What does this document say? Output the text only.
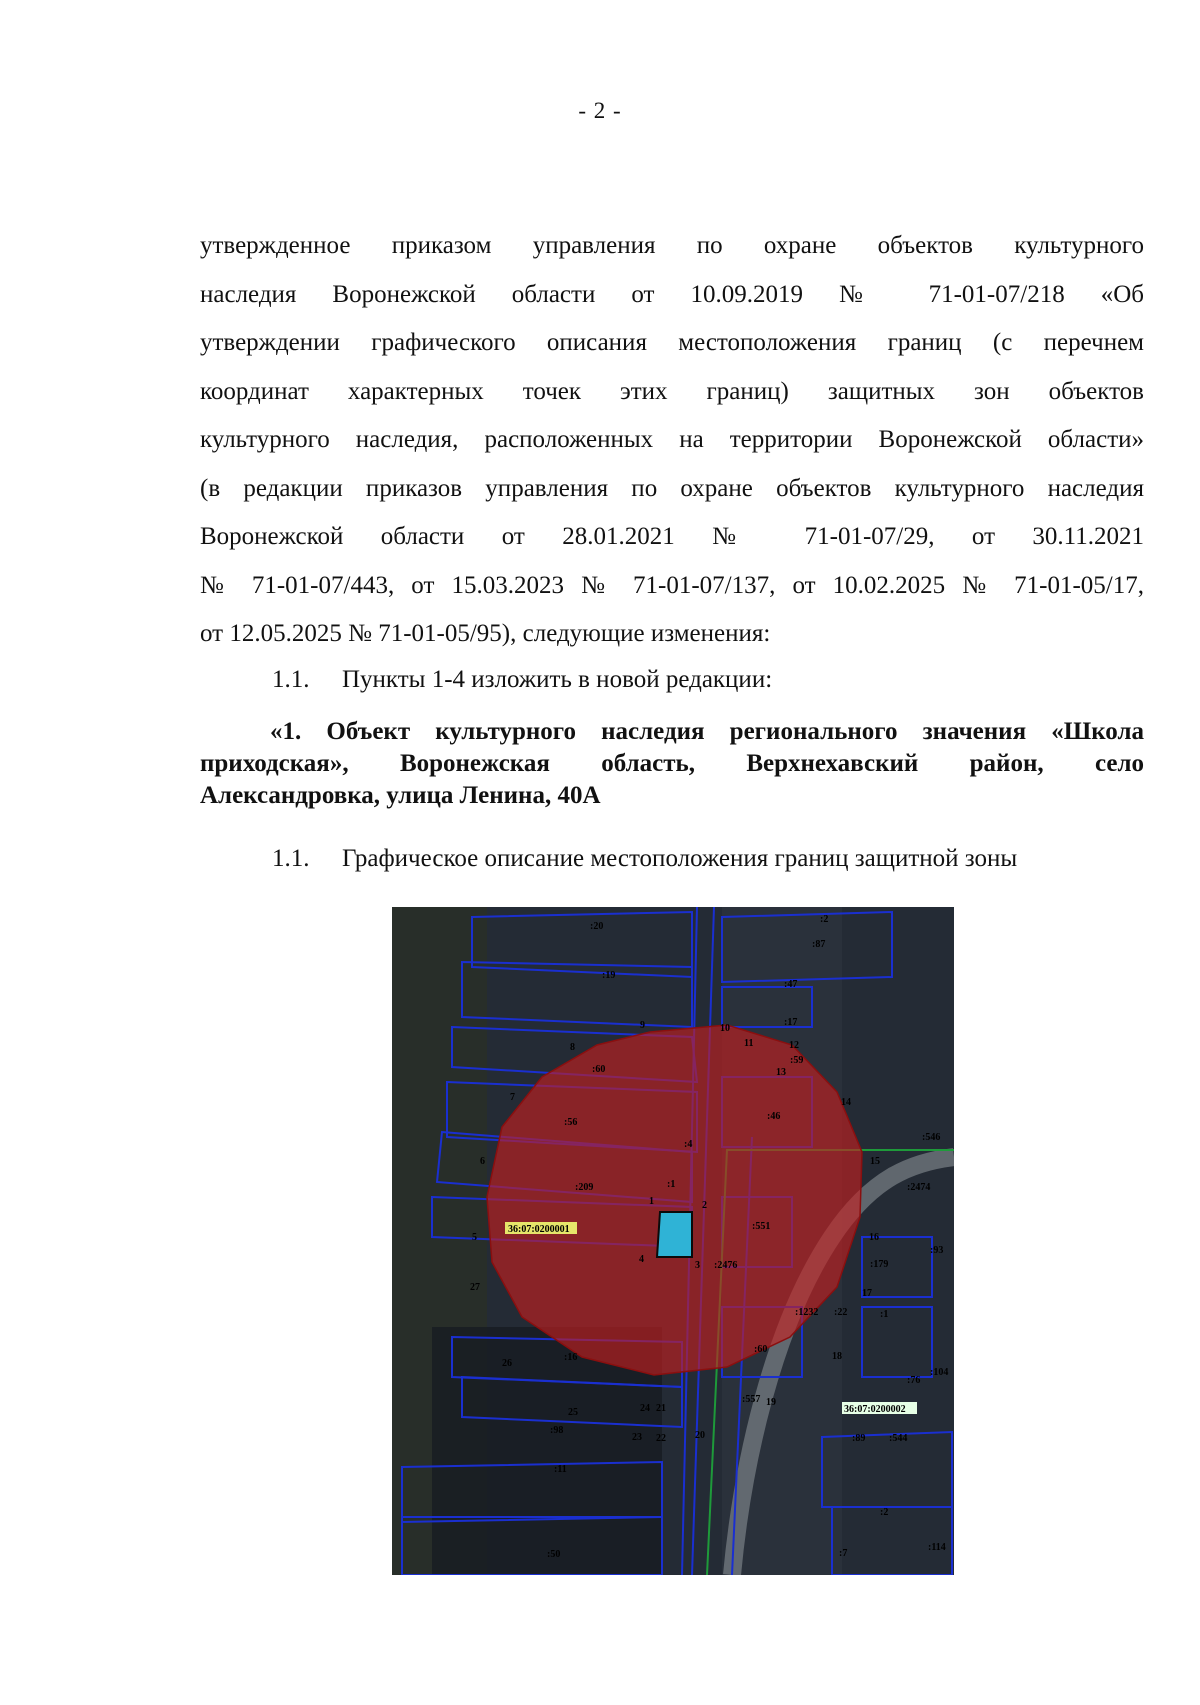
- 2 -
утвержденное приказом управления по охране объектов культурного
наследия Воронежской области от 10.09.2019 № 71-01-07/218 «Об
утверждении графического описания местоположения границ (с перечнем
координат характерных точек этих границ) защитных зон объектов
культурного наследия, расположенных на территории Воронежской области»
(в редакции приказов управления по охране объектов культурного наследия
Воронежской области от 28.01.2021 № 71-01-07/29, от 30.11.2021
№ 71-01-07/443, от 15.03.2023 № 71-01-07/137, от 10.02.2025 № 71-01-05/17,
от 12.05.2025 № 71-01-05/95), следующие изменения:
1.1. Пункты 1-4 изложить в новой редакции:
«1. Объект культурного наследия регионального значения «Школа
приходская», Воронежская область, Верхнехавский район, село
Александровка, улица Ленина, 40А
1.1. Графическое описание местоположения границ защитной зоны
36:07:0200001
36:07:0200002
1	2
3
4
5
6
7
8
9	10
11	12
13
14
15
16
17
18
19
20
21
22
23
24
25
26
27
:20
:19
:60
:56
:209
:4
:1
:16
:98
:11
:50
:2
:87
:47
:17
:59
:46
:546
:2474
:551
:2476	:179
:93
:1232 :22	:1
:60
:557
:76
:104
:89 :544
:2
:114
:7
